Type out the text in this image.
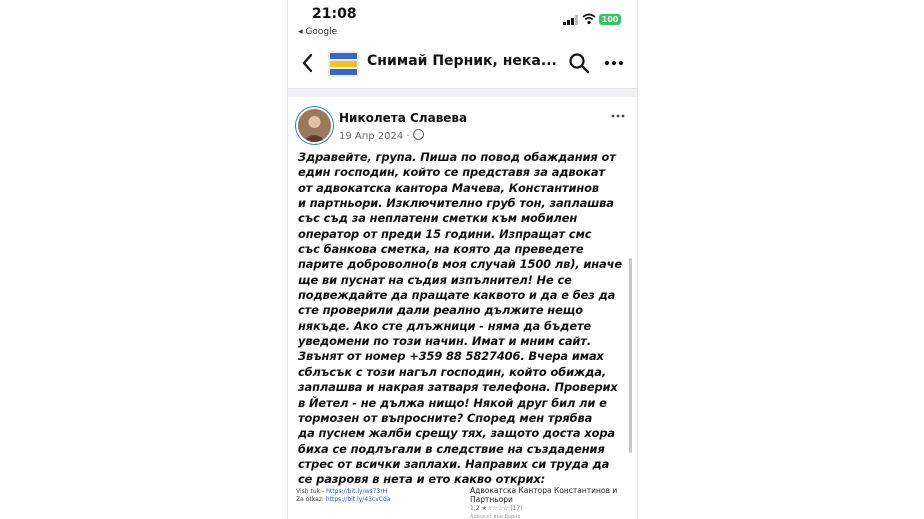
21:08
◂ Google
100
Снимай Перник, нека...
Николета Славева
19 Апр 2024 ·
Здравейте, група. Пиша по повод обаждания от
един господин, който се представя за адвокат
от адвокатска кантора Мачева, Константинов
и партньори. Изключително груб тон, заплашва
със съд за неплатени сметки към мобилен
оператор от преди 15 години. Изпращат смс
със банкова сметка, на която да преведете
парите доброволно(в моя случай 1500 лв), иначе
ще ви пуснат на съдия изпълнител! Не се
подвеждайте да пращате каквото и да е без да
сте проверили дали реално дължите нещо
някъде. Ако сте длъжници - няма да бъдете
уведомени по този начин. Имат и мним сайт.
Звънят от номер +359 88 5827406. Вчера имах
сблъсък с този нагъл господин, който обижда,
заплашва и накрая затваря телефона. Проверих
в Йетел - не дължа нищо! Някой друг бил ли е
тормозен от въпросните? Според мен трябва
да пуснем жалби срещу тях, защото доста хора
биха се подлъгали в следствие на създадения
стрес от всички заплахи. Направих си труда да
се разровя в нета и ето какво открих:
Vish tuk - https://bit.ly/ws73rH
Za otkaz: https://bit.ly/43cvCda
Адвокатска Кантора Константинов и Партньори
1,2 ★☆☆☆☆ (17)
Адвокат във Варна
